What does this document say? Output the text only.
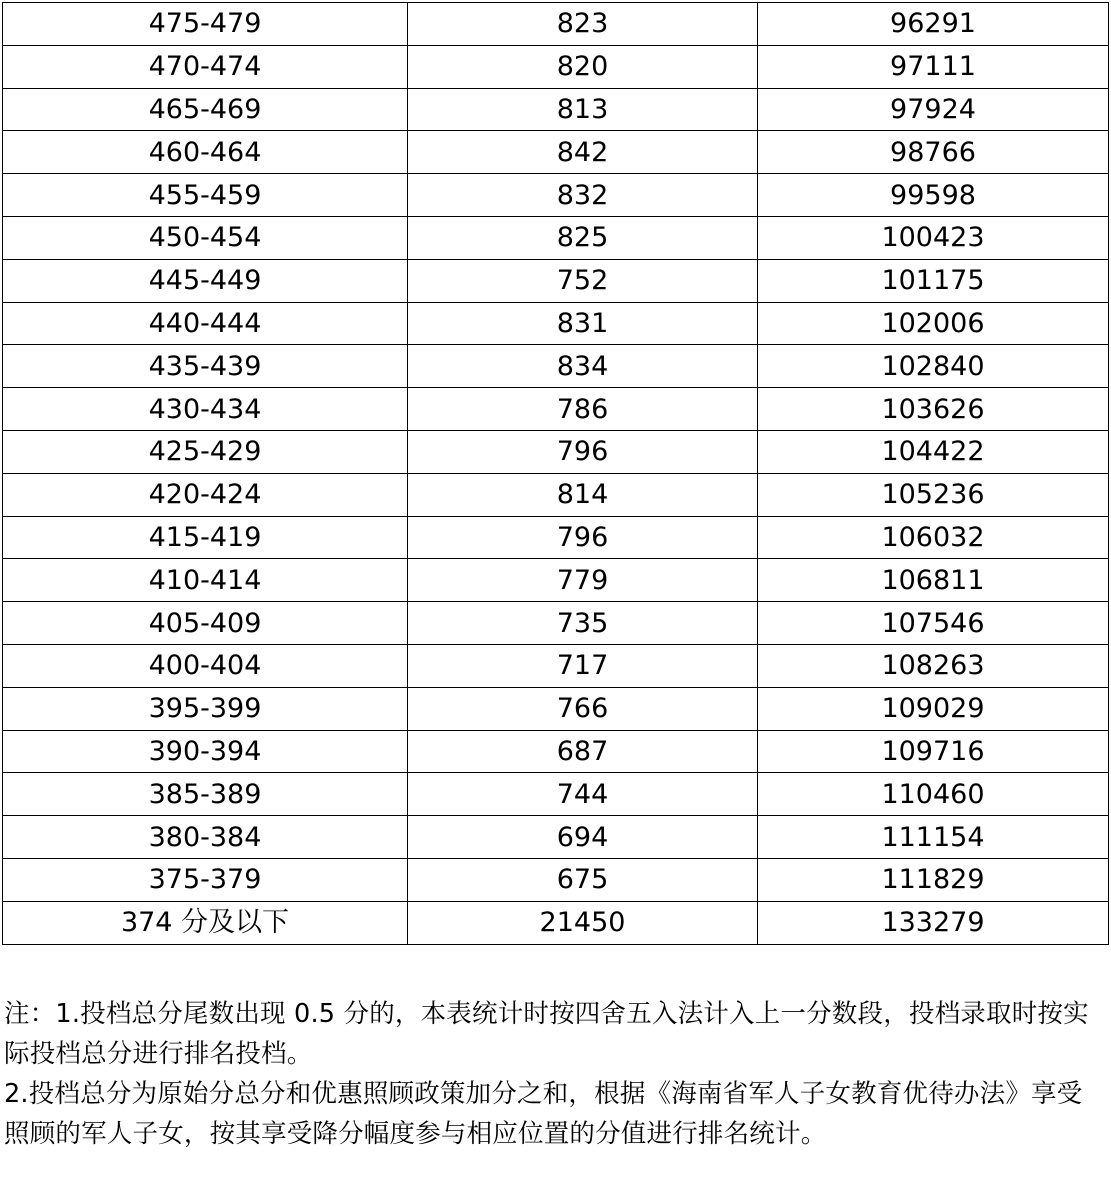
475-479	823	96291
470-474	820	97111
465-469	813	97924
460-464	842	98766
455-459	832	99598
450-454	825	100423
445-449	752	101175
440-444	831	102006
435-439	834	102840
430-434	786	103626
425-429	796	104422
420-424	814	105236
415-419	796	106032
410-414	779	106811
405-409	735	107546
400-404	717	108263
395-399	766	109029
390-394	687	109716
385-389	744	110460
380-384	694	111154
375-379	675	111829
374 分及以下	21450	133279

注：1.投档总分尾数出现 0.5 分的，本表统计时按四舍五入法计入上一分数段，投档录取时按实际投档总分进行排名投档。

2.投档总分为原始分总分和优惠照顾政策加分之和，根据《海南省军人子女教育优待办法》享受照顾的军人子女，按其享受降分幅度参与相应位置的分值进行排名统计。
